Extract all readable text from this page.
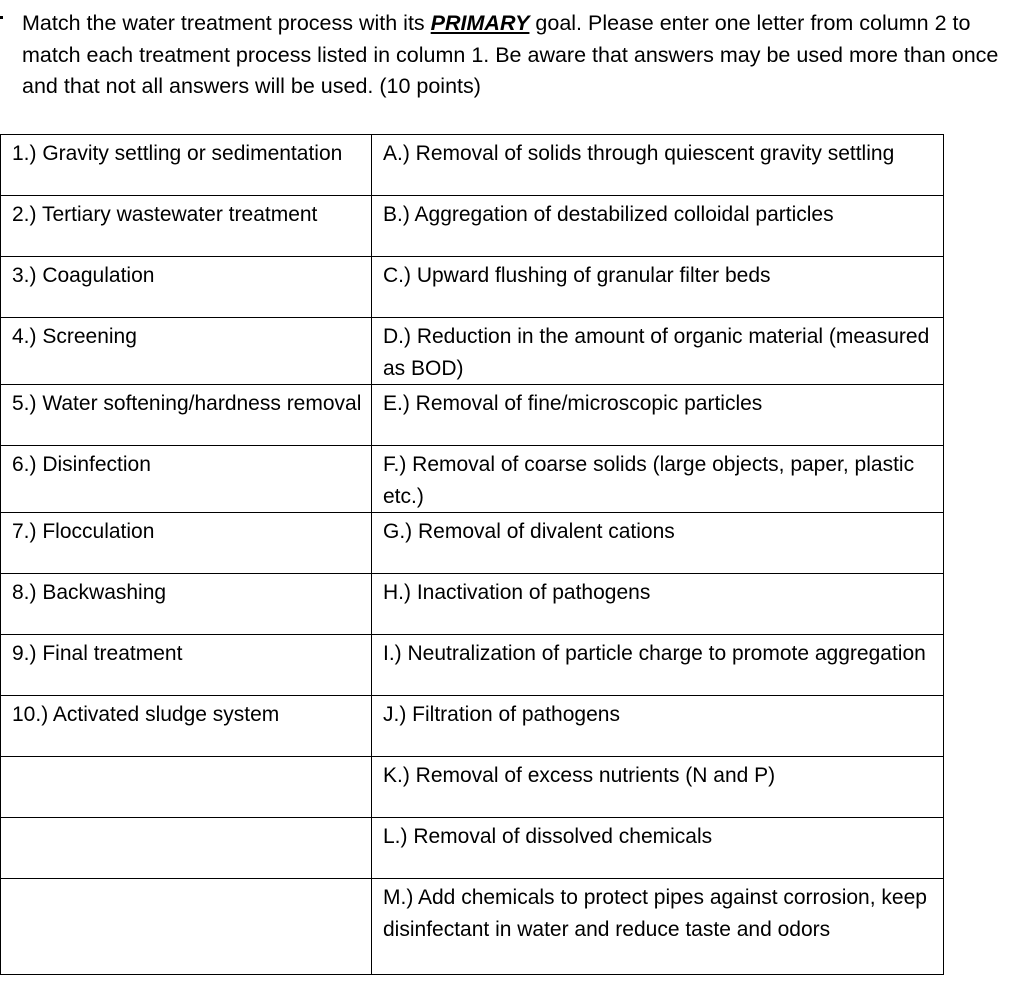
Match the water treatment process with its PRIMARY goal. Please enter one letter from column 2 to match each treatment process listed in column 1. Be aware that answers may be used more than once and that not all answers will be used. (10 points)

1.) Gravity settling or sedimentation	A.) Removal of solids through quiescent gravity settling
2.) Tertiary wastewater treatment	B.) Aggregation of destabilized colloidal particles
3.) Coagulation	C.) Upward flushing of granular filter beds
4.) Screening	D.) Reduction in the amount of organic material (measured as BOD)
5.) Water softening/hardness removal	E.) Removal of fine/microscopic particles
6.) Disinfection	F.) Removal of coarse solids (large objects, paper, plastic etc.)
7.) Flocculation	G.) Removal of divalent cations
8.) Backwashing	H.) Inactivation of pathogens
9.) Final treatment	I.) Neutralization of particle charge to promote aggregation
10.) Activated sludge system	J.) Filtration of pathogens
	K.) Removal of excess nutrients (N and P)
	L.) Removal of dissolved chemicals
	M.) Add chemicals to protect pipes against corrosion, keep disinfectant in water and reduce taste and odors
